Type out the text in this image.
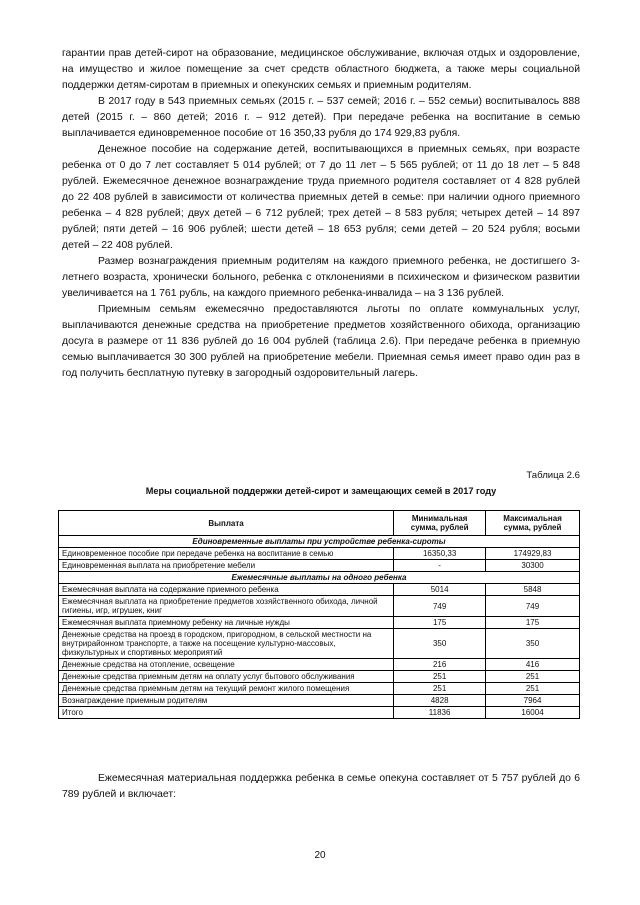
гарантии прав детей-сирот на образование, медицинское обслуживание, включая отдых и оздоровление, на имущество и жилое помещение за счет средств областного бюджета, а также меры социальной поддержки детям-сиротам в приемных и опекунских семьях и приемным родителям.

В 2017 году в 543 приемных семьях (2015 г. – 537 семей; 2016 г. – 552 семьи) воспитывалось 888 детей (2015 г. – 860 детей; 2016 г. – 912 детей). При передаче ребенка на воспитание в семью выплачивается единовременное пособие от 16 350,33 рубля до 174 929,83 рубля.

Денежное пособие на содержание детей, воспитывающихся в приемных семьях, при возрасте ребенка от 0 до 7 лет составляет 5 014 рублей; от 7 до 11 лет – 5 565 рублей; от 11 до 18 лет – 5 848 рублей. Ежемесячное денежное вознаграждение труда приемного родителя составляет от 4 828 рублей до 22 408 рублей в зависимости от количества приемных детей в семье: при наличии одного приемного ребенка – 4 828 рублей; двух детей – 6 712 рублей; трех детей – 8 583 рубля; четырех детей – 14 897 рублей; пяти детей – 16 906 рублей; шести детей – 18 653 рубля; семи детей – 20 524 рубля; восьми детей – 22 408 рублей.

Размер вознаграждения приемным родителям на каждого приемного ребенка, не достигшего 3-летнего возраста, хронически больного, ребенка с отклонениями в психическом и физическом развитии увеличивается на 1 761 рубль, на каждого приемного ребенка-инвалида – на 3 136 рублей.

Приемным семьям ежемесячно предоставляются льготы по оплате коммунальных услуг, выплачиваются денежные средства на приобретение предметов хозяйственного обихода, организацию досуга в размере от 11 836 рублей до 16 004 рублей (таблица 2.6). При передаче ребенка в приемную семью выплачивается 30 300 рублей на приобретение мебели. Приемная семья имеет право один раз в год получить бесплатную путевку в загородный оздоровительный лагерь.

Таблица 2.6
Меры социальной поддержки детей-сирот и замещающих семей в 2017 году
Выплата	Минимальная сумма, рублей	Максимальная сумма, рублей
Единовременные выплаты при устройстве ребенка-сироты		
Единовременное пособие при передаче ребенка на воспитание в семью	16350,33	174929,83
Единовременная выплата на приобретение мебели	-	30300
Ежемесячные выплаты на одного ребенка		
Ежемесячная выплата на содержание приемного ребенка	5014	5848
Ежемесячная выплата на приобретение предметов хозяйственного обихода, личной гигиены, игр, игрушек, книг	749	749
Ежемесячная выплата приемному ребенку на личные нужды	175	175
Денежные средства на проезд в городском, пригородном, в сельской местности на внутрирайонном транспорте, а также на посещение культурно-массовых, физкультурных и спортивных мероприятий	350	350
Денежные средства на отопление, освещение	216	416
Денежные средства приемным детям на оплату услуг бытового обслуживания	251	251
Денежные средства приемным детям на текущий ремонт жилого помещения	251	251
Вознаграждение приемным родителям	4828	7964
Итого	11836	16004

Ежемесячная материальная поддержка ребенка в семье опекуна составляет от 5 757 рублей до 6 789 рублей и включает:

20
